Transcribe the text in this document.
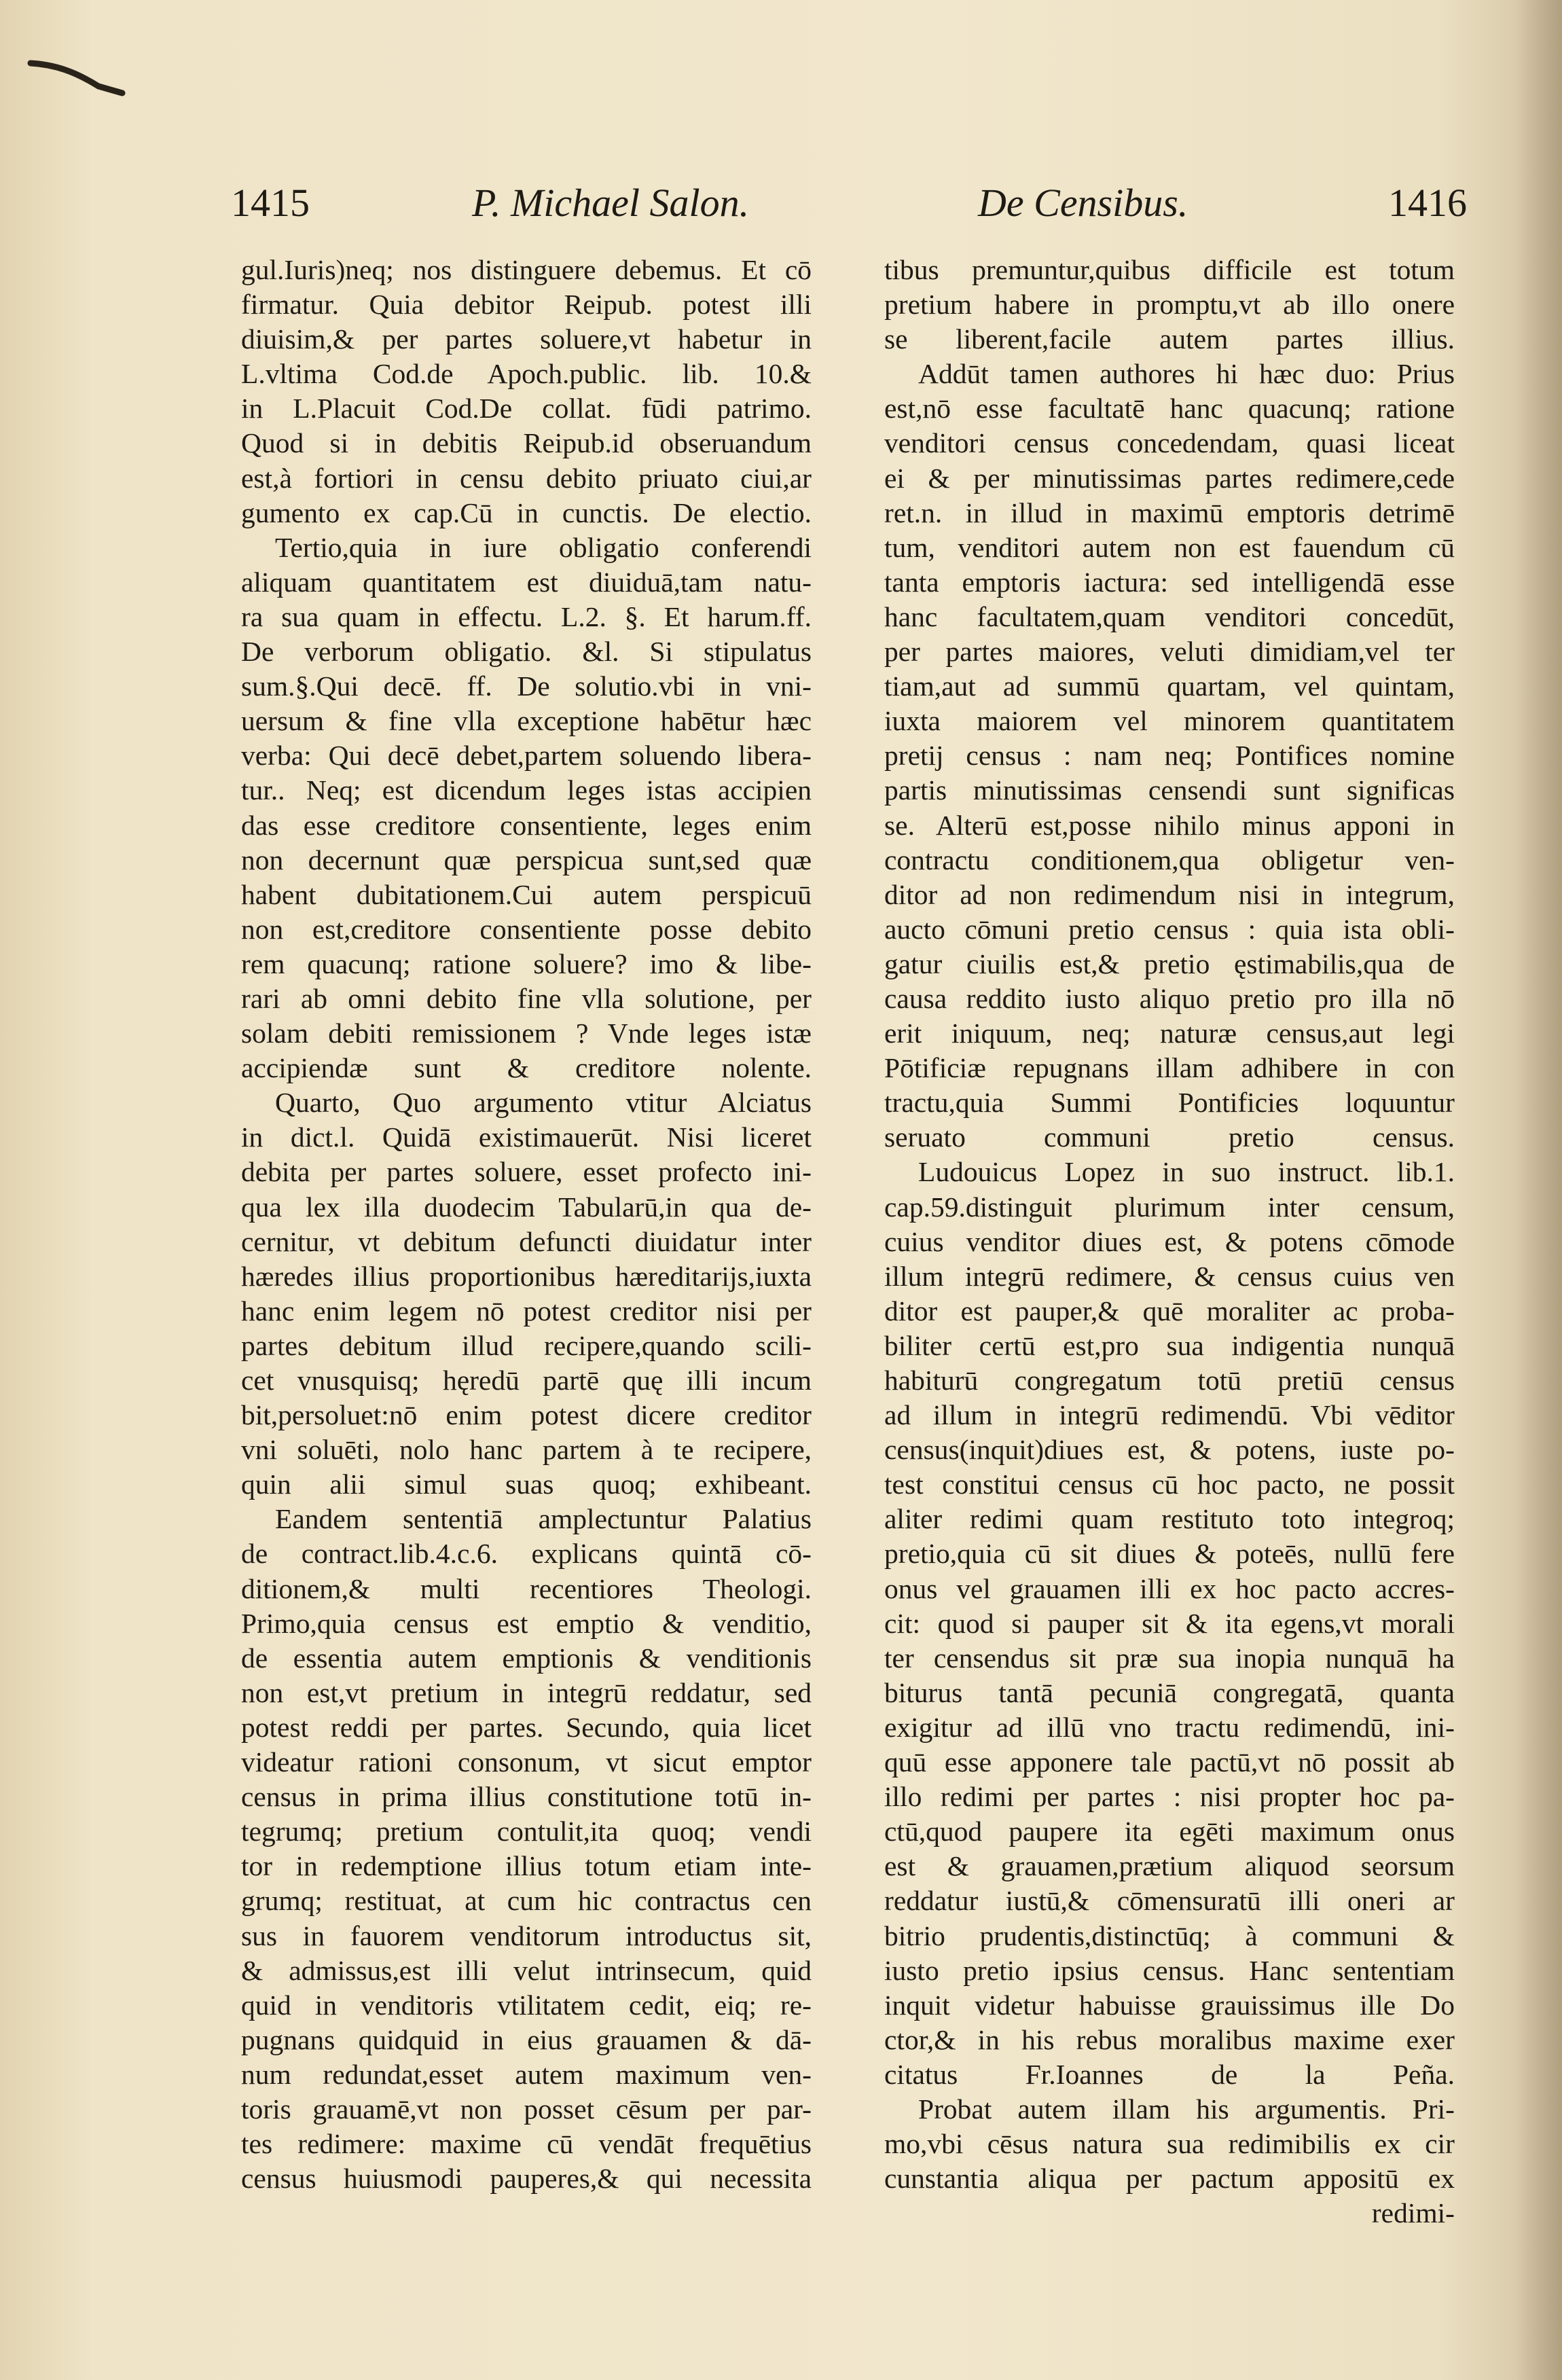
1415	P. Michael Salon.	De Censibus.	1416
gul.Iuris)neq; nos distinguere debemus. Et cō
firmatur. Quia debitor Reipub. potest illi
diuisim,& per partes soluere,vt habetur in
L.vltima Cod.de Apoch.public. lib. 10.&
in L.Placuit Cod.De collat. fūdi patrimo.
Quod si in debitis Reipub.id obseruandum
est,à fortiori in censu debito priuato ciui,ar
gumento ex cap.Cū in cunctis. De electio.
Tertio,quia in iure obligatio conferendi
aliquam quantitatem est diuiduā,tam natu-
ra sua quam in effectu. L.2. §. Et harum.ff.
De verborum obligatio. &l. Si stipulatus
sum.§.Qui decē. ff. De solutio.vbi in vni-
uersum & fine vlla exceptione habētur hæc
verba: Qui decē debet,partem soluendo libera-
tur.. Neq; est dicendum leges istas accipien
das esse creditore consentiente, leges enim
non decernunt quæ perspicua sunt,sed quæ
habent dubitationem.Cui autem perspicuū
non est,creditore consentiente posse debito
rem quacunq; ratione soluere? imo & libe-
rari ab omni debito fine vlla solutione, per
solam debiti remissionem ? Vnde leges istæ
accipiendæ sunt & creditore nolente.
Quarto, Quo argumento vtitur Alciatus
in dict.l. Quidā existimauerūt. Nisi liceret
debita per partes soluere, esset profecto ini-
qua lex illa duodecim Tabularū,in qua de-
cernitur, vt debitum defuncti diuidatur inter
hæredes illius proportionibus hæreditarijs,iuxta
hanc enim legem nō potest creditor nisi per
partes debitum illud recipere,quando scili-
cet vnusquisq; hęredū partē quę illi incum
bit,persoluet:nō enim potest dicere creditor
vni soluēti, nolo hanc partem à te recipere,
quin alii simul suas quoq; exhibeant.
Eandem sententiā amplectuntur Palatius
de contract.lib.4.c.6. explicans quintā cō-
ditionem,& multi recentiores Theologi.
Primo,quia census est emptio & venditio,
de essentia autem emptionis & venditionis
non est,vt pretium in integrū reddatur, sed
potest reddi per partes. Secundo, quia licet
videatur rationi consonum, vt sicut emptor
census in prima illius constitutione totū in-
tegrumq; pretium contulit,ita quoq; vendi
tor in redemptione illius totum etiam inte-
grumq; restituat, at cum hic contractus cen
sus in fauorem venditorum introductus sit,
& admissus,est illi velut intrinsecum, quid
quid in venditoris vtilitatem cedit, eiq; re-
pugnans quidquid in eius grauamen & dā-
num redundat,esset autem maximum ven-
toris grauamē,vt non posset cēsum per par-
tes redimere: maxime cū vendāt frequētius
census huiusmodi pauperes,& qui necessita
tibus premuntur,quibus difficile est totum
pretium habere in promptu,vt ab illo onere
se liberent,facile autem partes illius.
Addūt tamen authores hi hæc duo: Prius
est,nō esse facultatē hanc quacunq; ratione
venditori census concedendam, quasi liceat
ei & per minutissimas partes redimere,cede
ret.n. in illud in maximū emptoris detrimē
tum, venditori autem non est fauendum cū
tanta emptoris iactura: sed intelligendā esse
hanc facultatem,quam venditori concedūt,
per partes maiores, veluti dimidiam,vel ter
tiam,aut ad summū quartam, vel quintam,
iuxta maiorem vel minorem quantitatem
pretij census : nam neq; Pontifices nomine
partis minutissimas censendi sunt significas
se. Alterū est,posse nihilo minus apponi in
contractu conditionem,qua obligetur ven-
ditor ad non redimendum nisi in integrum,
aucto cōmuni pretio census : quia ista obli-
gatur ciuilis est,& pretio ęstimabilis,qua de
causa reddito iusto aliquo pretio pro illa nō
erit iniquum, neq; naturæ census,aut legi
Pōtificiæ repugnans illam adhibere in con
tractu,quia Summi Pontificies loquuntur
seruato communi pretio census.
Ludouicus Lopez in suo instruct. lib.1.
cap.59.distinguit plurimum inter censum,
cuius venditor diues est, & potens cōmode
illum integrū redimere, & census cuius ven
ditor est pauper,& quē moraliter ac proba-
biliter certū est,pro sua indigentia nunquā
habiturū congregatum totū pretiū census
ad illum in integrū redimendū. Vbi vēditor
census(inquit)diues est, & potens, iuste po-
test constitui census cū hoc pacto, ne possit
aliter redimi quam restituto toto integroq;
pretio,quia cū sit diues & poteēs, nullū fere
onus vel grauamen illi ex hoc pacto accres-
cit: quod si pauper sit & ita egens,vt morali
ter censendus sit præ sua inopia nunquā ha
biturus tantā pecuniā congregatā, quanta
exigitur ad illū vno tractu redimendū, ini-
quū esse apponere tale pactū,vt nō possit ab
illo redimi per partes : nisi propter hoc pa-
ctū,quod paupere ita egēti maximum onus
est & grauamen,prætium aliquod seorsum
reddatur iustū,& cōmensuratū illi oneri ar
bitrio prudentis,distinctūq; à communi &
iusto pretio ipsius census. Hanc sententiam
inquit videtur habuisse grauissimus ille Do
ctor,& in his rebus moralibus maxime exer
citatus Fr.Ioannes de la Peña.
Probat autem illam his argumentis. Pri-
mo,vbi cēsus natura sua redimibilis ex cir
cunstantia aliqua per pactum appositū ex
redimi-
